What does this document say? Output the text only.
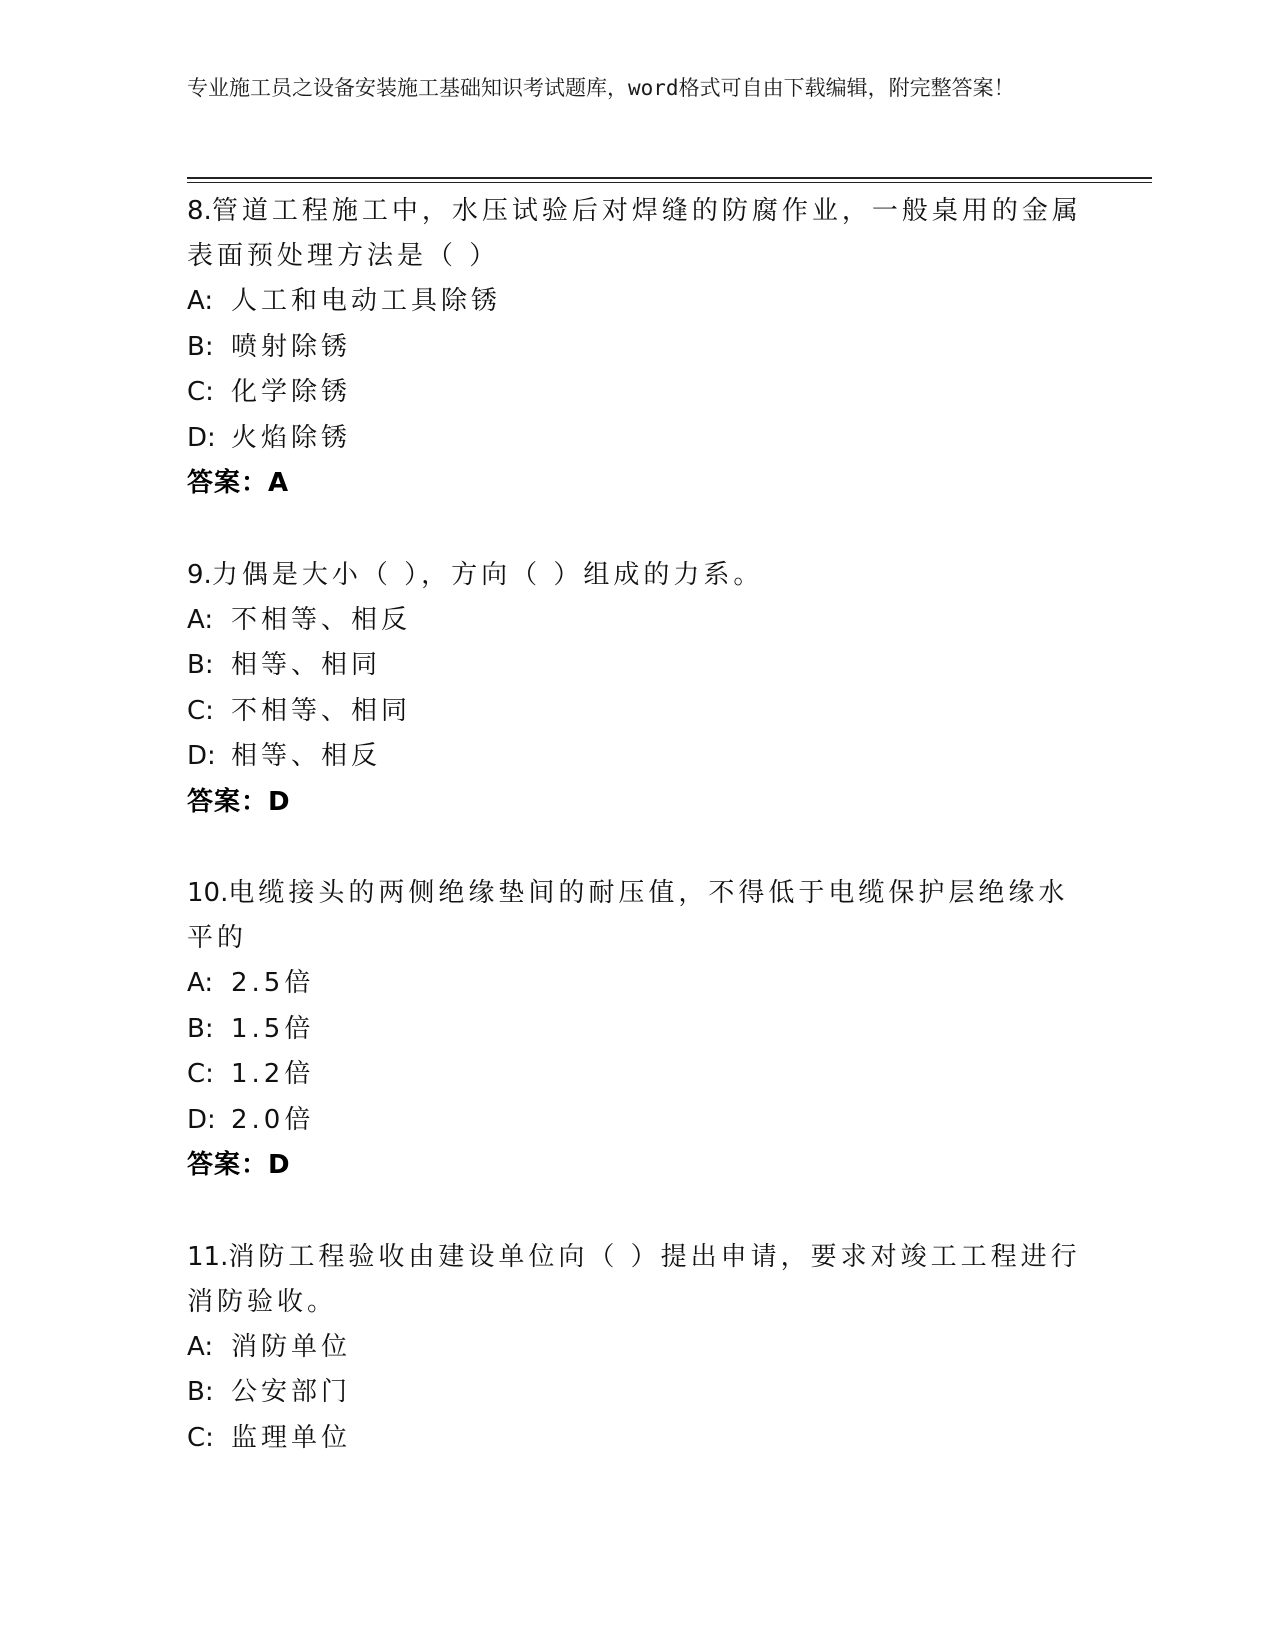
专业施工员之设备安装施工基础知识考试题库，word格式可自由下载编辑，附完整答案！
8.管道工程施工中，水压试验后对焊缝的防腐作业，一般桌用的金属表面预处理方法是（ ）
A: 人工和电动工具除锈
B: 喷射除锈
C: 化学除锈
D: 火焰除锈
答案：A
9.力偶是大小（ ），方向（ ）组成的力系。
A: 不相等、相反
B: 相等、相同
C: 不相等、相同
D: 相等、相反
答案：D
10.电缆接头的两侧绝缘垫间的耐压值，不得低于电缆保护层绝缘水平的
A: 2.5倍
B: 1.5倍
C: 1.2倍
D: 2.0倍
答案：D
11.消防工程验收由建设单位向（ ）提出申请，要求对竣工工程进行消防验收。
A: 消防单位
B: 公安部门
C: 监理单位
